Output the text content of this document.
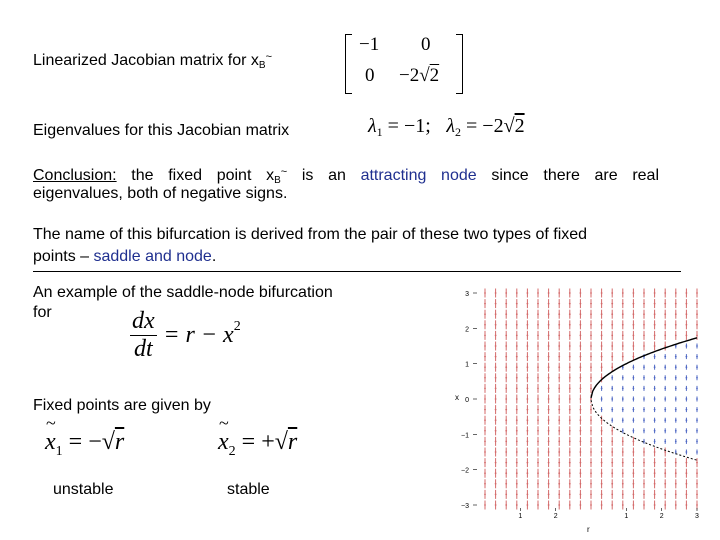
Linearized Jacobian matrix for $x_B^\sim$
−1 0
0 −2√2
Eigenvalues for this Jacobian matrix	$\lambda_1 = -1$; $\lambda_2 = -2√2$
Conclusion: the fixed point $x_B^\sim$ is an attracting node since there are real
eigenvalues, both of negative signs.
The name of this bifurcation is derived from the pair of these two types of fixed
points – saddle and node.
An example of the saddle-node bifurcation
for	$\frac{dx}{dt} = r - x^2$
Fixed points are given by
~
$x_1 = -√r$
~
$x_2 = +√r$
unstable	stable
3
2
1
0
−1
−2
−3
1	2	1	2	3
x
r
